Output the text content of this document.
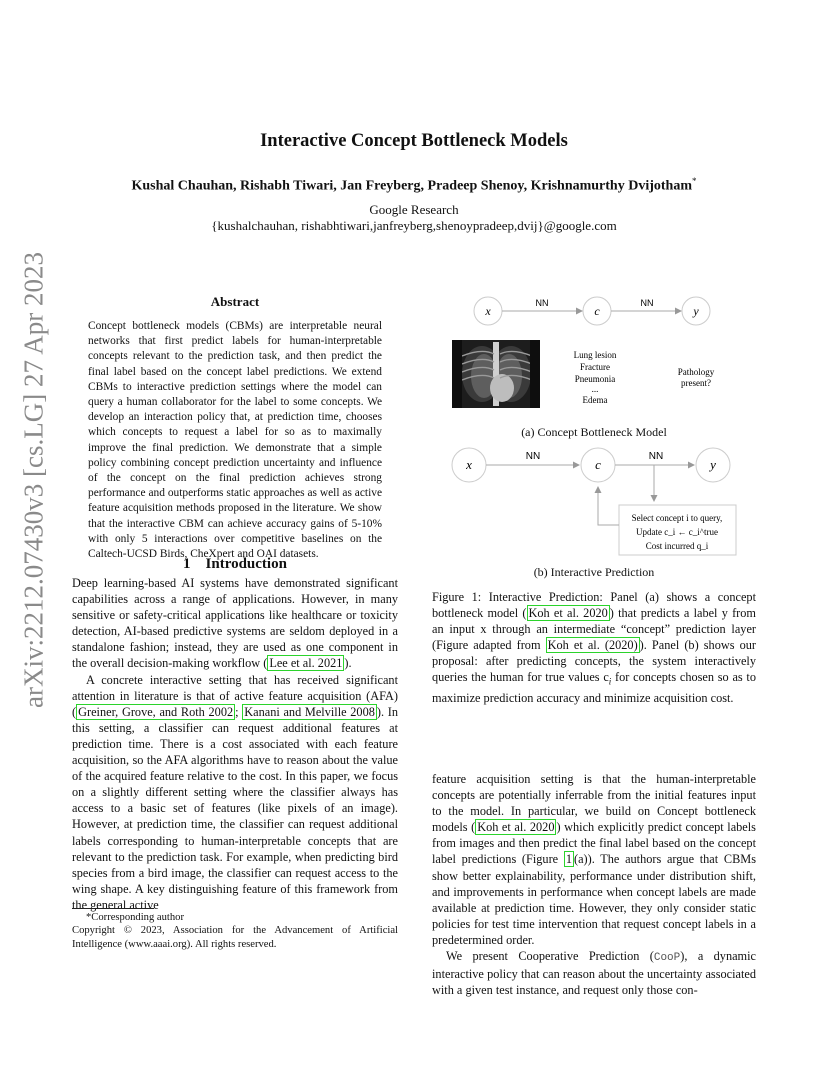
Interactive Concept Bottleneck Models
Kushal Chauhan, Rishabh Tiwari, Jan Freyberg, Pradeep Shenoy, Krishnamurthy Dvijotham*
Google Research
{kushalchauhan, rishabhtiwari,janfreyberg,shenoypradeep,dvij}@google.com
arXiv:2212.07430v3 [cs.LG] 27 Apr 2023	Abstract
Concept bottleneck models (CBMs) are interpretable neural networks that first predict labels for human-interpretable concepts relevant to the prediction task, and then predict the final label based on the concept label predictions. We extend CBMs to interactive prediction settings where the model can query a human collaborator for the label to some concepts. We develop an interaction policy that, at prediction time, chooses which concepts to request a label for so as to maximally improve the final prediction. We demonstrate that a simple policy combining concept prediction uncertainty and influence of the concept on the final prediction achieves strong performance and outperforms static approaches as well as active feature acquisition methods proposed in the literature. We show that the interactive CBM can achieve accuracy gains of 5-10% with only 5 interactions over competitive baselines on the Caltech-UCSD Birds, CheXpert and OAI datasets.
1    Introduction

Deep learning-based AI systems have demonstrated significant capabilities across a range of applications. However, in many sensitive or safety-critical applications like healthcare or toxicity detection, AI-based predictive systems are seldom deployed in a standalone fashion; instead, they are used as one component in the overall decision-making workflow ( Lee et al. 2021 ).

A concrete interactive setting that has received significant attention in literature is that of active feature acquisition (AFA) ( Greiner, Grove, and Roth 2002 ; Kanani and Melville 2008 ). In this setting, a classifier can request additional features at prediction time. There is a cost associated with each feature acquisition, so the AFA algorithms have to reason about the value of the acquired feature relative to the cost. In this paper, we focus on a slightly different setting where the classifier always has access to a basic set of features (like pixels of an image). However, at prediction time, the classifier can request additional labels corresponding to human-interpretable concepts that are relevant to the prediction task. For example, when predicting bird species from a bird image, the classifier can request access to the wing shape. A key distinguishing feature of this framework from the general active

*Corresponding author
Copyright © 2023, Association for the Advancement of Artificial Intelligence (www.aaai.org). All rights reserved.
x	c	y
NN	NN
Lung lesion
Fracture
Pneumonia
...
Edema
Pathology
present?
(a) Concept Bottleneck Model
x	c	y
NN	NN
Select concept i to query,
Update c_i ← c_i^true
Cost incurred q_i
(b) Interactive Prediction

Figure 1: Interactive Prediction: Panel (a) shows a concept bottleneck model ( Koh et al. 2020 ) that predicts a label y from an input x through an intermediate “concept” prediction layer (Figure adapted from Koh et al. (2020) ). Panel (b) shows our proposal: after predicting concepts, the system interactively queries the human for true values $c_i$ for concepts chosen so as to maximize prediction accuracy and minimize acquisition cost.

feature acquisition setting is that the human-interpretable concepts are potentially inferrable from the initial features input to the model. In particular, we build on Concept bottleneck models ( Koh et al. 2020 ) which explicitly predict concept labels from images and then predict the final label based on the concept label predictions (Figure 1 (a)). The authors argue that CBMs show better explainability, performance under distribution shift, and improvements in performance when concept labels are made available at prediction time. However, they only consider static policies for test time intervention that request concept labels in a predetermined order.

We present Cooperative Prediction (CooP), a dynamic interactive policy that can reason about the uncertainty associated with a given test instance, and request only those con-
